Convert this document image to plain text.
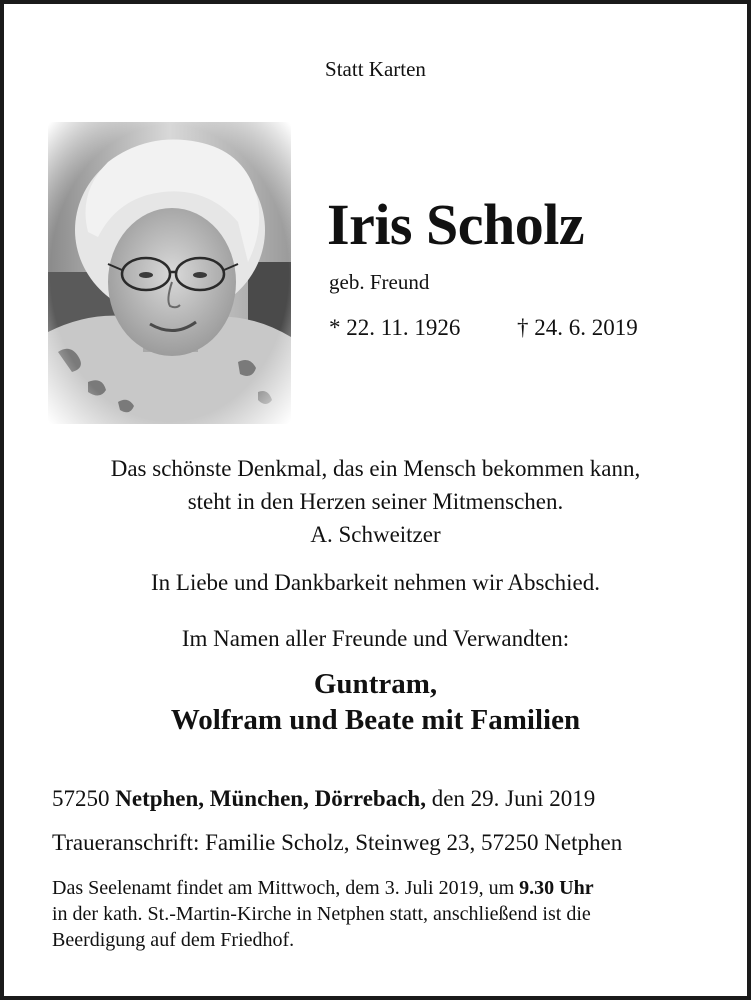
Statt Karten
Iris Scholz
geb. Freund
* 22. 11. 1926 † 24. 6. 2019
Das schönste Denkmal, das ein Mensch bekommen kann,
steht in den Herzen seiner Mitmenschen.
A. Schweitzer
In Liebe und Dankbarkeit nehmen wir Abschied.
Im Namen aller Freunde und Verwandten:
Guntram,
Wolfram und Beate mit Familien
57250 Netphen, München, Dörrebach, den 29. Juni 2019
Traueranschrift: Familie Scholz, Steinweg 23, 57250 Netphen
Das Seelenamt findet am Mittwoch, dem 3. Juli 2019, um 9.30 Uhr
in der kath. St.-Martin-Kirche in Netphen statt, anschließend ist die
Beerdigung auf dem Friedhof.
